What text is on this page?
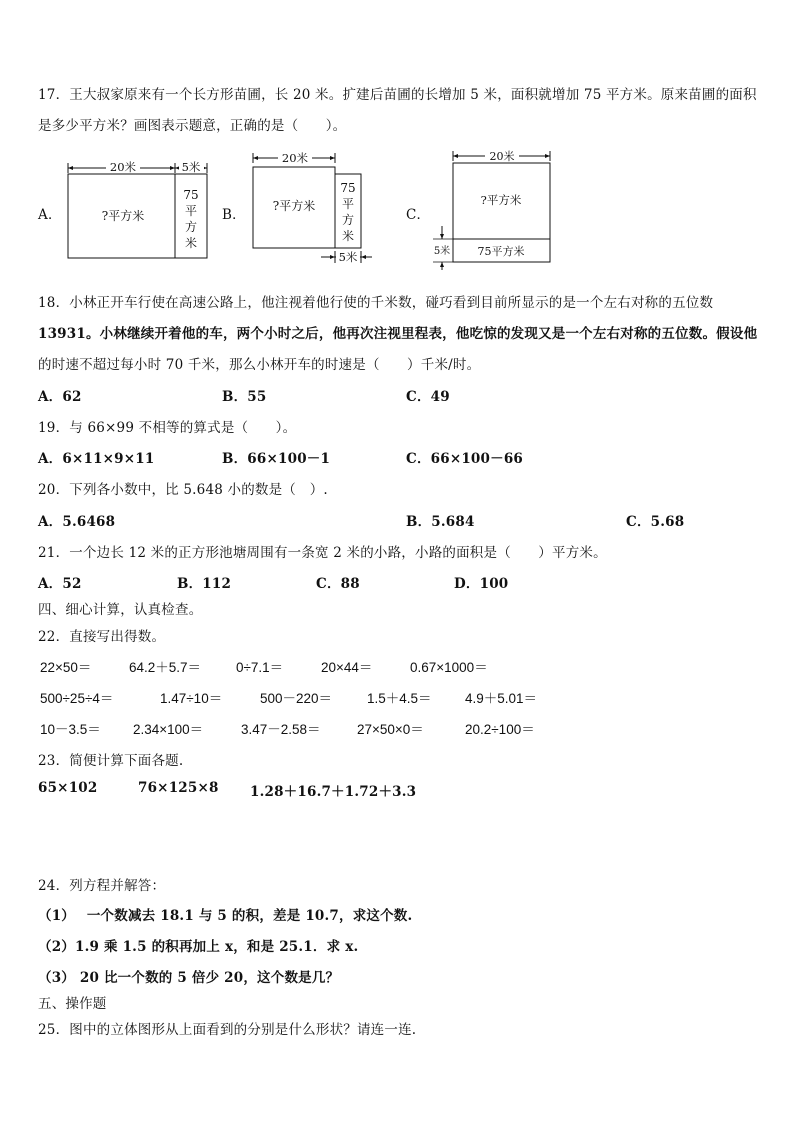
17．王大叔家原来有一个长方形苗圃，长 20 米。扩建后苗圃的长增加 5 米，面积就增加 75 平方米。原来苗圃的面积
是多少平方米？画图表示题意，正确的是（　　）。
A．
20米	5米
?平方米
75
平
方
米
B．
20米
?平方米
75
平
方
米
5米
C．
20米
?平方米
75平方米
5米
18．小林正开车行使在高速公路上，他注视着他行使的千米数，碰巧看到目前所显示的是一个左右对称的五位数
13931。小林继续开着他的车，两个小时之后，他再次注视里程表，他吃惊的发现又是一个左右对称的五位数。假设他
的时速不超过每小时 70 千米，那么小林开车的时速是（　　）千米/时。
A．62	B．55	C．49
19．与 66×99 不相等的算式是（　　）。
A．6×11×9×11	B．66×100－1	C．66×100－66
20．下列各小数中，比 5.648 小的数是（　）.
A．5.6468	B．5.684	C．5.68
21．一个边长 12 米的正方形池塘周围有一条宽 2 米的小路，小路的面积是（　　）平方米。
A．52	B．112	C．88	D．100
四、细心计算，认真检查。
22．直接写出得数。
22×50＝	64.2＋5.7＝	0÷7.1＝	20×44＝	0.67×1000＝
500÷25÷4＝	1.47÷10＝	500－220＝	1.5＋4.5＝ 4.9＋5.01＝
10－3.5＝ 2.34×100＝	3.47－2.58＝	27×50×0＝	20.2÷100＝
23．简便计算下面各题.
65×102	76×125×8 1.28＋16.7＋1.72＋3.3
24．列方程并解答：
（1）　 一个数减去 18.1 与 5 的积，差是 10.7，求这个数.
（2）1.9 乘 1.5 的积再加上 x，和是 25.1．求 x.
（3） 20 比一个数的 5 倍少 20，这个数是几？
五、操作题
25．图中的立体图形从上面看到的分别是什么形状？请连一连.
